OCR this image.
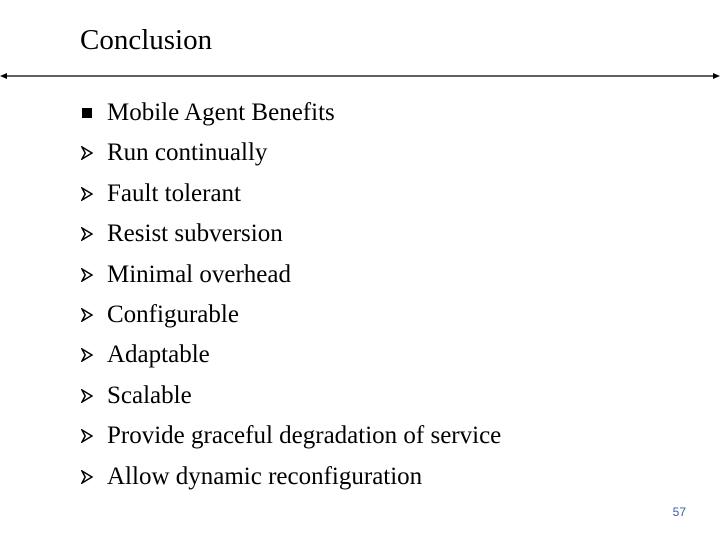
Conclusion
Mobile Agent Benefits
Run continually
Fault tolerant
Resist subversion
Minimal overhead
Configurable
Adaptable
Scalable
Provide graceful degradation of service
Allow dynamic reconfiguration
57
